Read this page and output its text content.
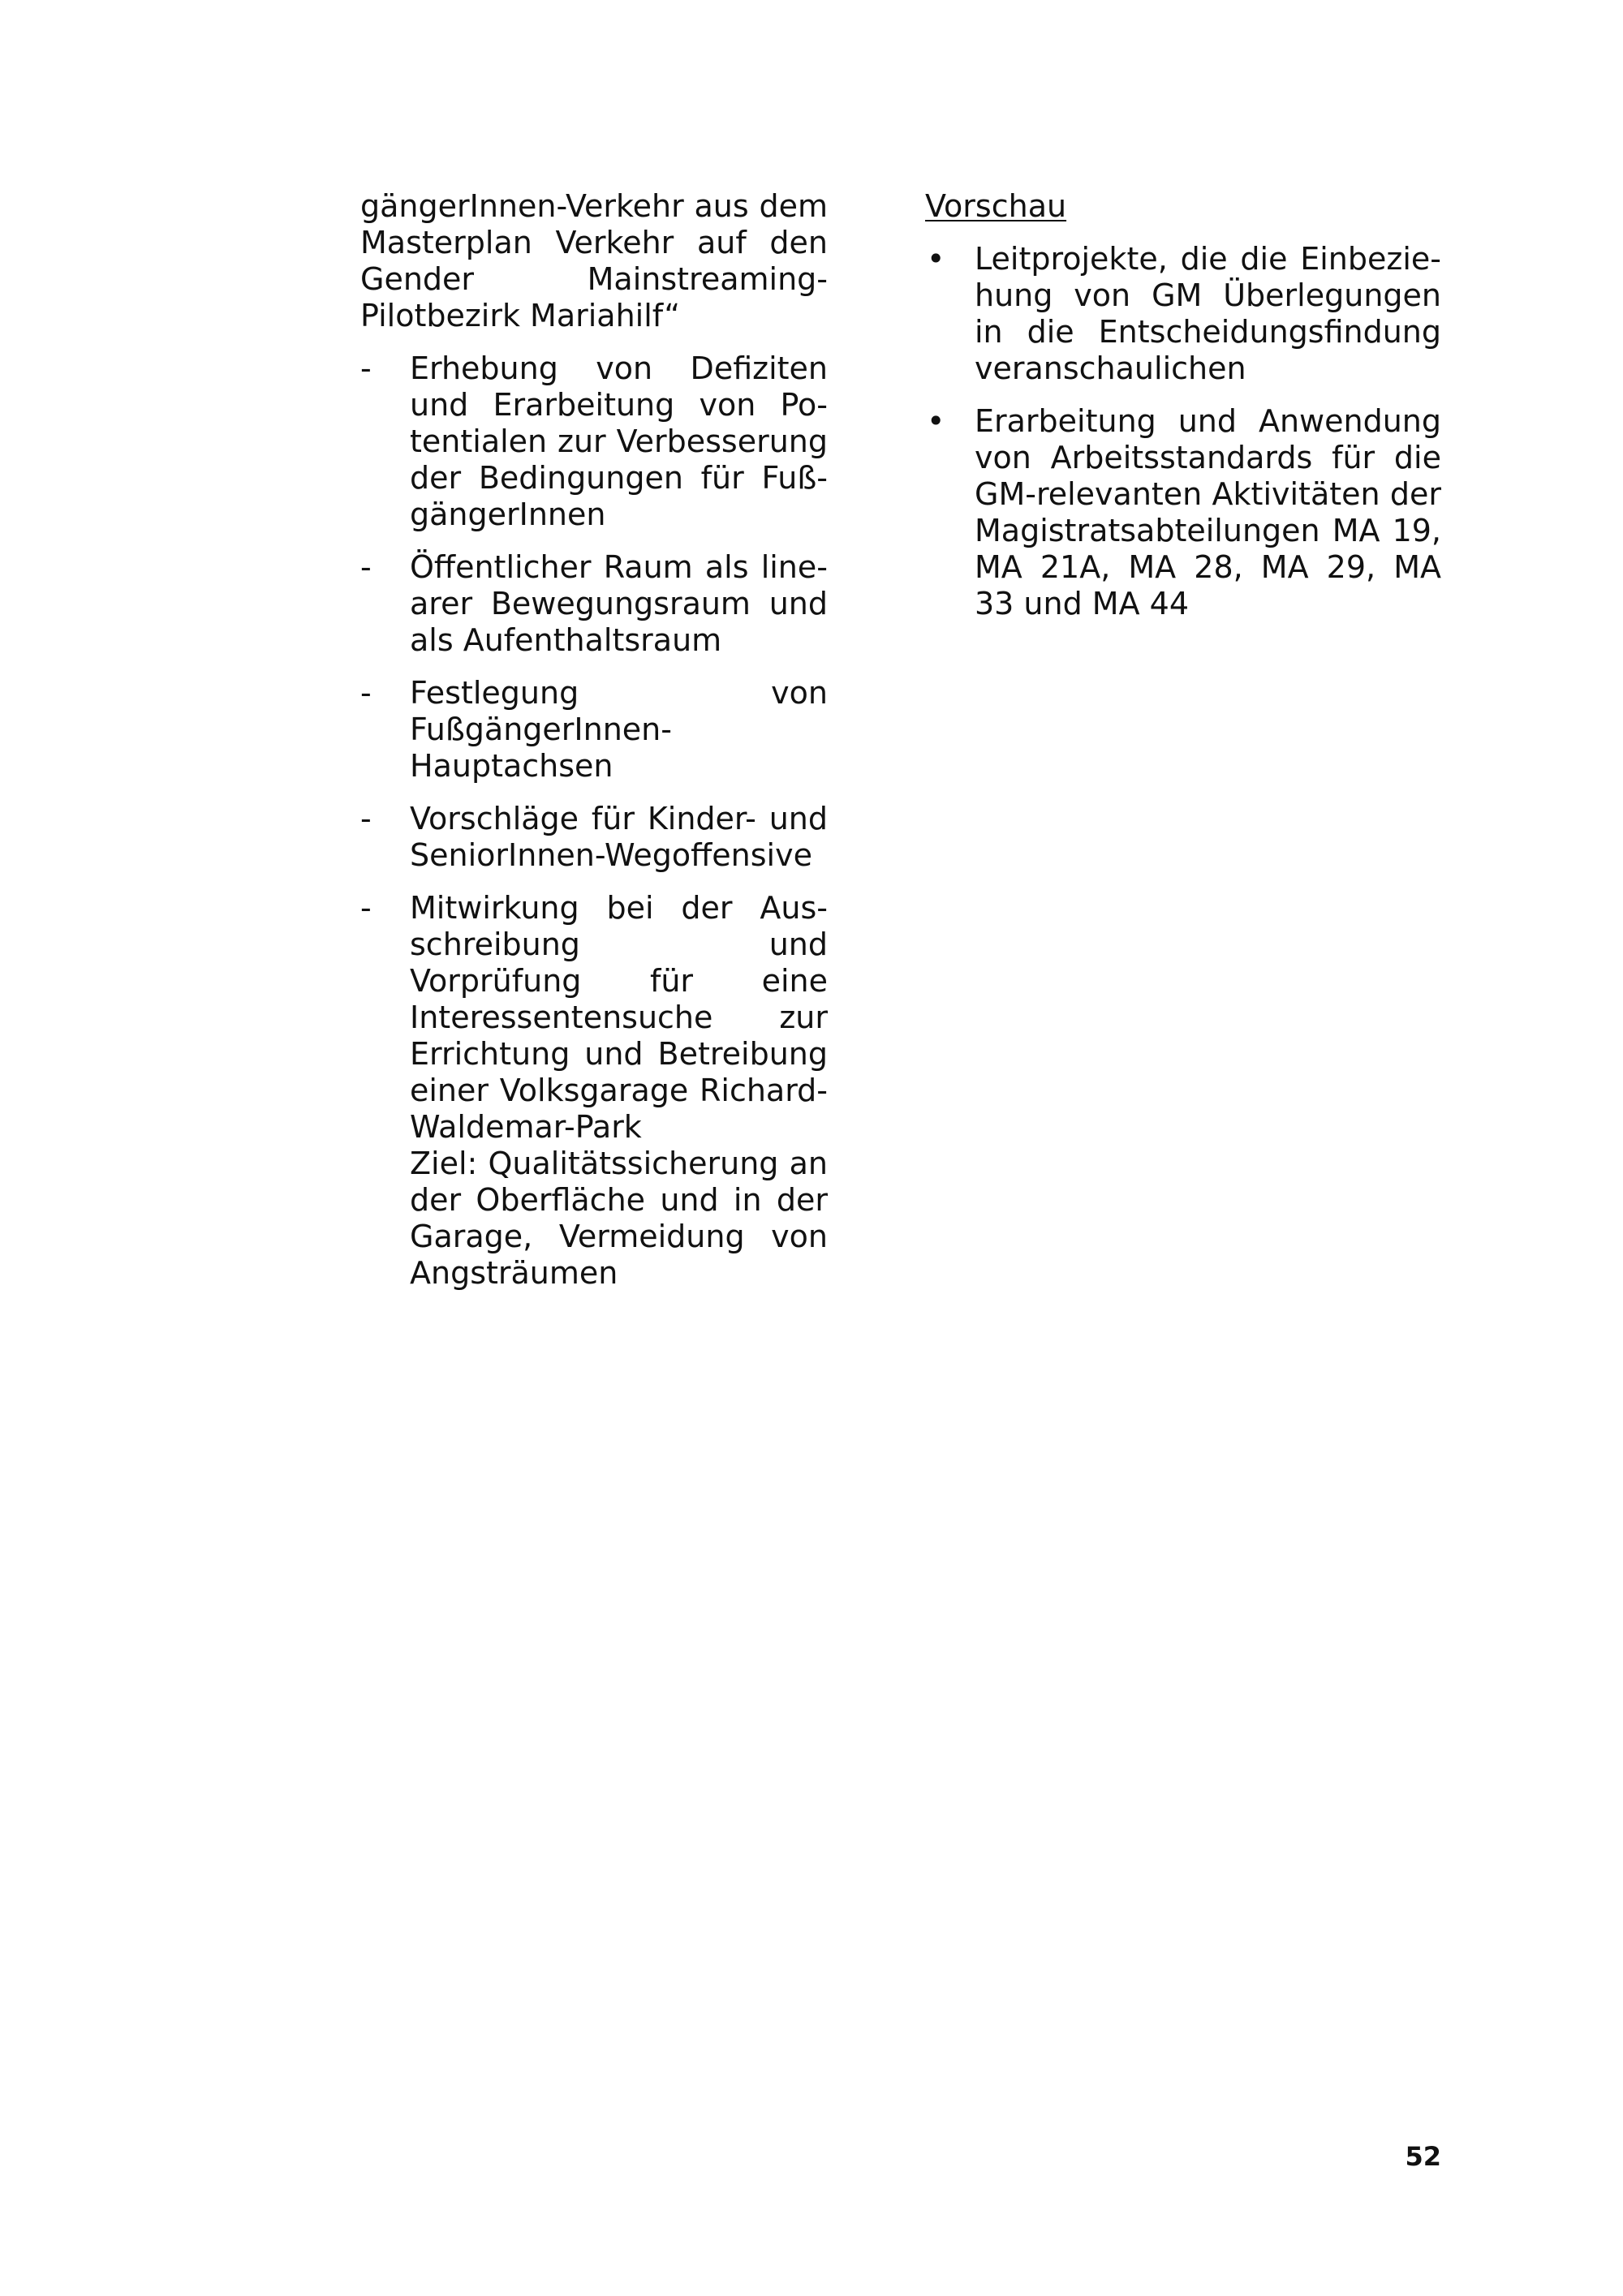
gängerInnen-Verkehr aus dem Masterplan Verkehr auf den Gender Mainstreaming-Pilotbezirk Mariahilf“

- Erhebung von Defiziten und Erarbeitung von Potentialen zur Verbesserung der Bedingungen für FußgängerInnen
- Öffentlicher Raum als linearer Bewegungsraum und als Aufenthaltsraum
- Festlegung von FußgängerInnen-Hauptachsen
- Vorschläge für Kinder- und SeniorInnen-Wegoffensive
- Mitwirkung bei der Ausschreibung und Vorprüfung für eine Interessentensuche zur Errichtung und Betreibung einer Volksgarage Richard-Waldemar-Park
Ziel: Qualitätssicherung an der Oberfläche und in der Garage, Vermeidung von Angsträumen
Vorschau
• Leitprojekte, die die Einbeziehung von GM Überlegungen in die Entscheidungsfindung veranschaulichen
• Erarbeitung und Anwendung von Arbeitsstandards für die GM-relevanten Aktivitäten der Magistratsabteilungen MA 19, MA 21A, MA 28, MA 29, MA 33 und MA 44
52
